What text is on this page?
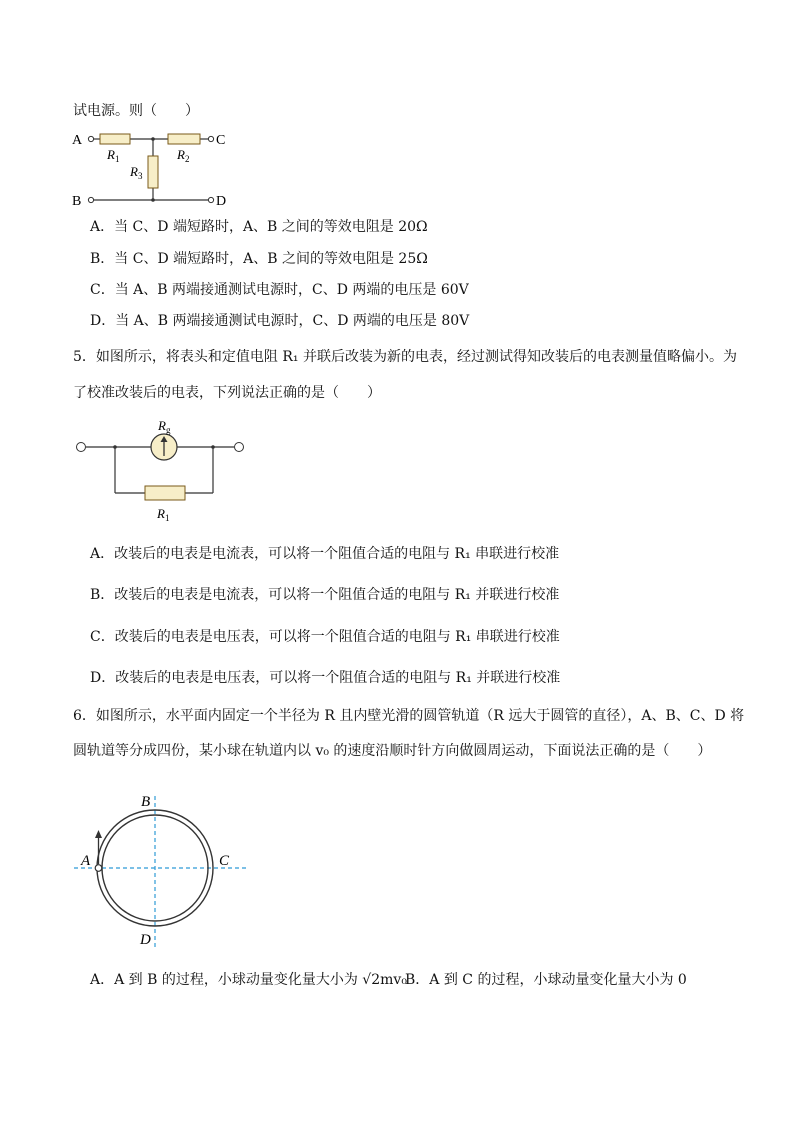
试电源。则（　　）
A
B
C
D
$R_1$	$R_2$
$R_3$
A．当 C、D 端短路时，A、B 之间的等效电阻是 20Ω
B．当 C、D 端短路时，A、B 之间的等效电阻是 25Ω
C．当 A、B 两端接通测试电源时，C、D 两端的电压是 60V
D．当 A、B 两端接通测试电源时，C、D 两端的电压是 80V
5．如图所示，将表头和定值电阻 R₁ 并联后改装为新的电表，经过测试得知改装后的电表测量值略偏小。为
了校准改装后的电表，下列说法正确的是（　　）
$R_g$
$R_1$
A．改装后的电表是电流表，可以将一个阻值合适的电阻与 R₁ 串联进行校准
B．改装后的电表是电流表，可以将一个阻值合适的电阻与 R₁ 并联进行校准
C．改装后的电表是电压表，可以将一个阻值合适的电阻与 R₁ 串联进行校准
D．改装后的电表是电压表，可以将一个阻值合适的电阻与 R₁ 并联进行校准
6．如图所示，水平面内固定一个半径为 R 且内壁光滑的圆管轨道（R 远大于圆管的直径），A、B、C、D 将
圆轨道等分成四份，某小球在轨道内以 v₀ 的速度沿顺时针方向做圆周运动，下面说法正确的是（　　）
A
B
C
D
A．A 到 B 的过程，小球动量变化量大小为 √2mv₀
B．A 到 C 的过程，小球动量变化量大小为 0
